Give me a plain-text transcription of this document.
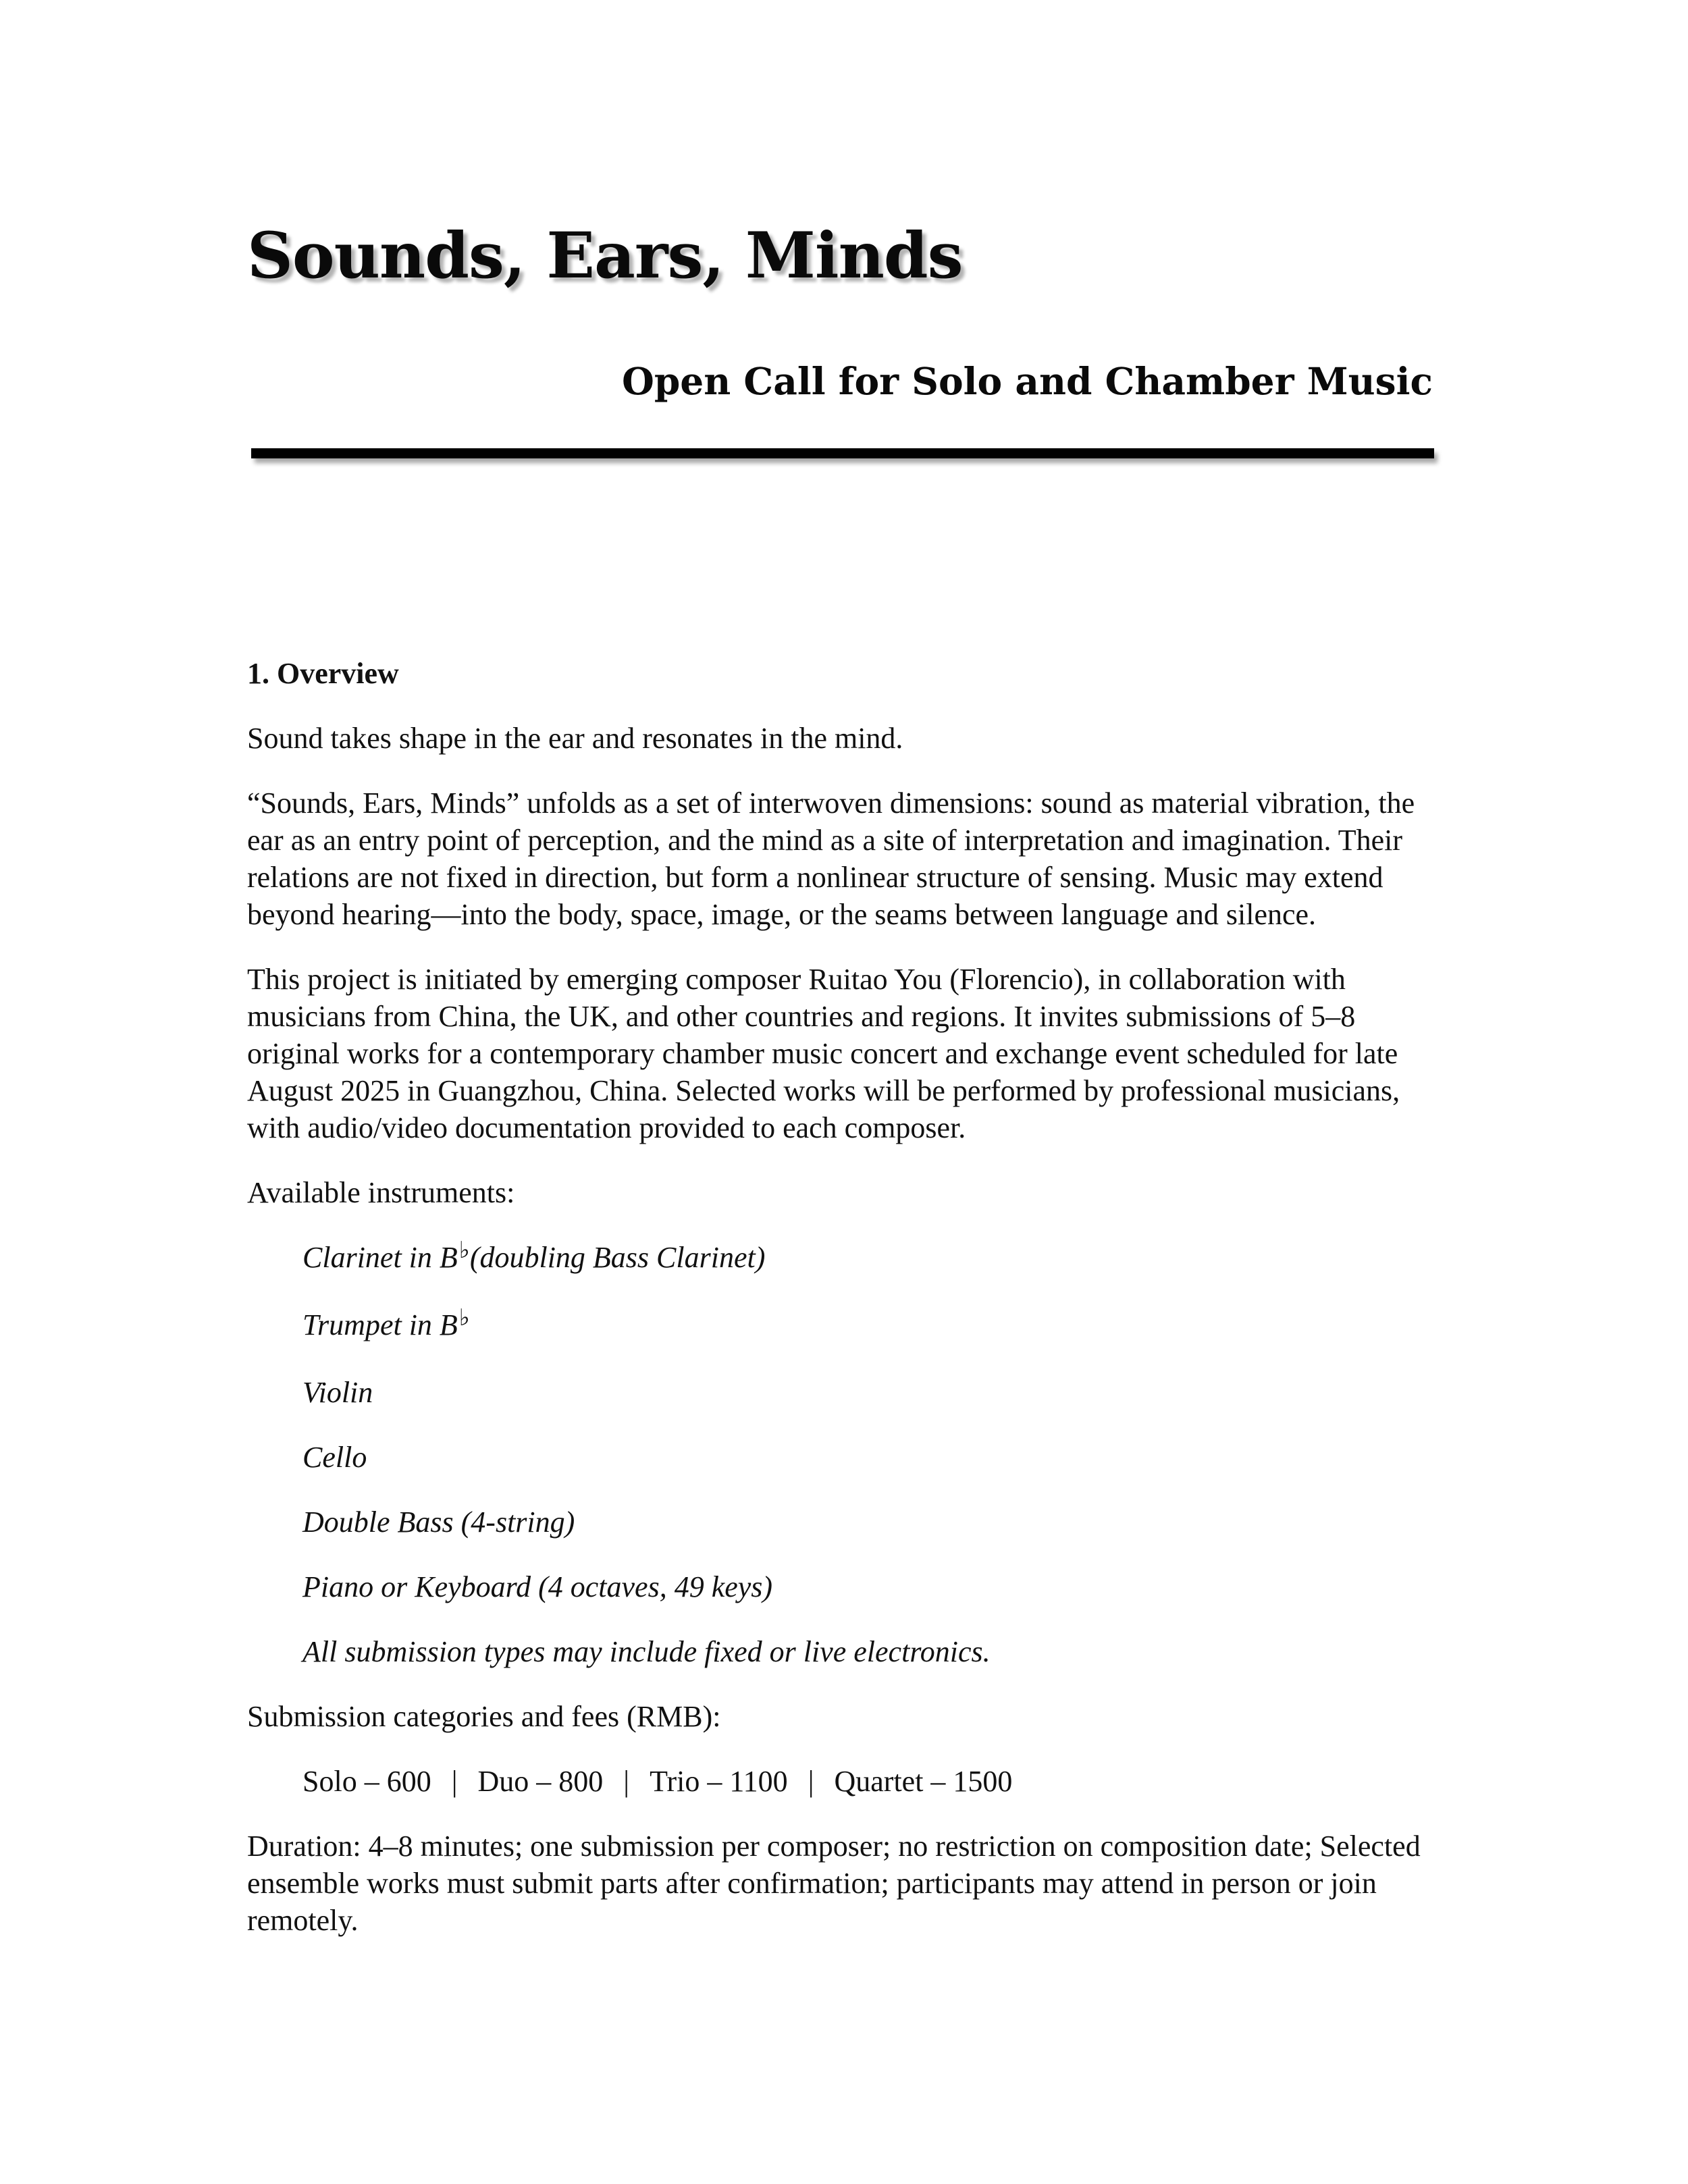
Sounds, Ears, Minds
Open Call for Solo and Chamber Music

1. Overview

Sound takes shape in the ear and resonates in the mind.

“Sounds, Ears, Minds” unfolds as a set of interwoven dimensions: sound as material vibration, the ear as an entry point of perception, and the mind as a site of interpretation and imagination. Their relations are not fixed in direction, but form a nonlinear structure of sensing. Music may extend beyond hearing—into the body, space, image, or the seams between language and silence.

This project is initiated by emerging composer Ruitao You (Florencio), in collaboration with musicians from China, the UK, and other countries and regions. It invites submissions of 5–8 original works for a contemporary chamber music concert and exchange event scheduled for late August 2025 in Guangzhou, China. Selected works will be performed by professional musicians, with audio/video documentation provided to each composer.

Available instruments:

Clarinet in B♭(doubling Bass Clarinet)
Trumpet in B♭
Violin
Cello
Double Bass (4-string)
Piano or Keyboard (4 octaves, 49 keys)
All submission types may include fixed or live electronics.

Submission categories and fees (RMB):

Solo – 600 | Duo – 800 | Trio – 1100 | Quartet – 1500

Duration: 4–8 minutes; one submission per composer; no restriction on composition date; Selected ensemble works must submit parts after confirmation; participants may attend in person or join remotely.
